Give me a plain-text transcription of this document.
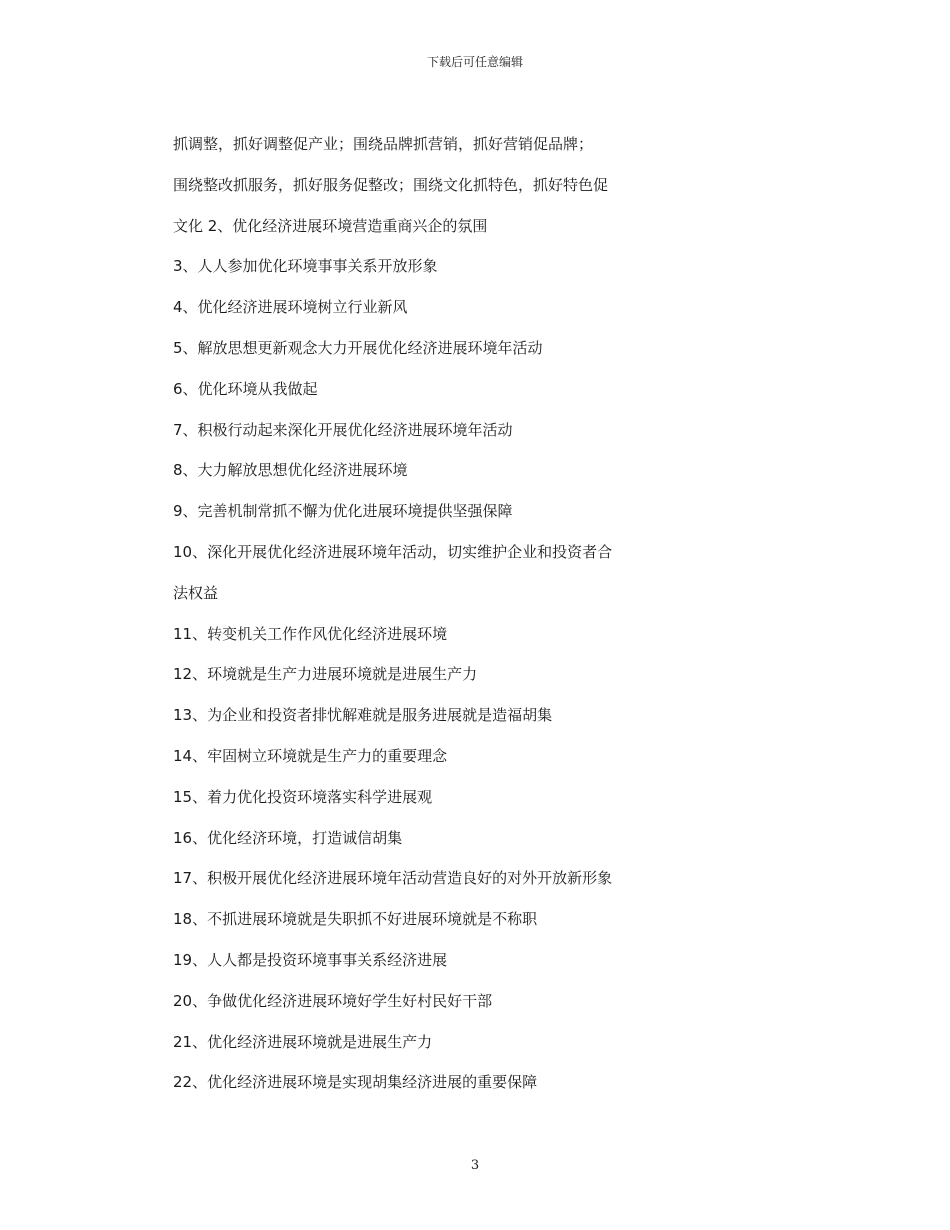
下载后可任意编辑
抓调整，抓好调整促产业；围绕品牌抓营销，抓好营销促品牌；
围绕整改抓服务，抓好服务促整改；围绕文化抓特色，抓好特色促
文化 2、优化经济进展环境营造重商兴企的氛围
3、人人参加优化环境事事关系开放形象
4、优化经济进展环境树立行业新风
5、解放思想更新观念大力开展优化经济进展环境年活动
6、优化环境从我做起
7、积极行动起来深化开展优化经济进展环境年活动
8、大力解放思想优化经济进展环境
9、完善机制常抓不懈为优化进展环境提供坚强保障
10、深化开展优化经济进展环境年活动，切实维护企业和投资者合
法权益
11、转变机关工作作风优化经济进展环境
12、环境就是生产力进展环境就是进展生产力
13、为企业和投资者排忧解难就是服务进展就是造福胡集
14、牢固树立环境就是生产力的重要理念
15、着力优化投资环境落实科学进展观
16、优化经济环境，打造诚信胡集
17、积极开展优化经济进展环境年活动营造良好的对外开放新形象
18、不抓进展环境就是失职抓不好进展环境就是不称职
19、人人都是投资环境事事关系经济进展
20、争做优化经济进展环境好学生好村民好干部
21、优化经济进展环境就是进展生产力
22、优化经济进展环境是实现胡集经济进展的重要保障
3
